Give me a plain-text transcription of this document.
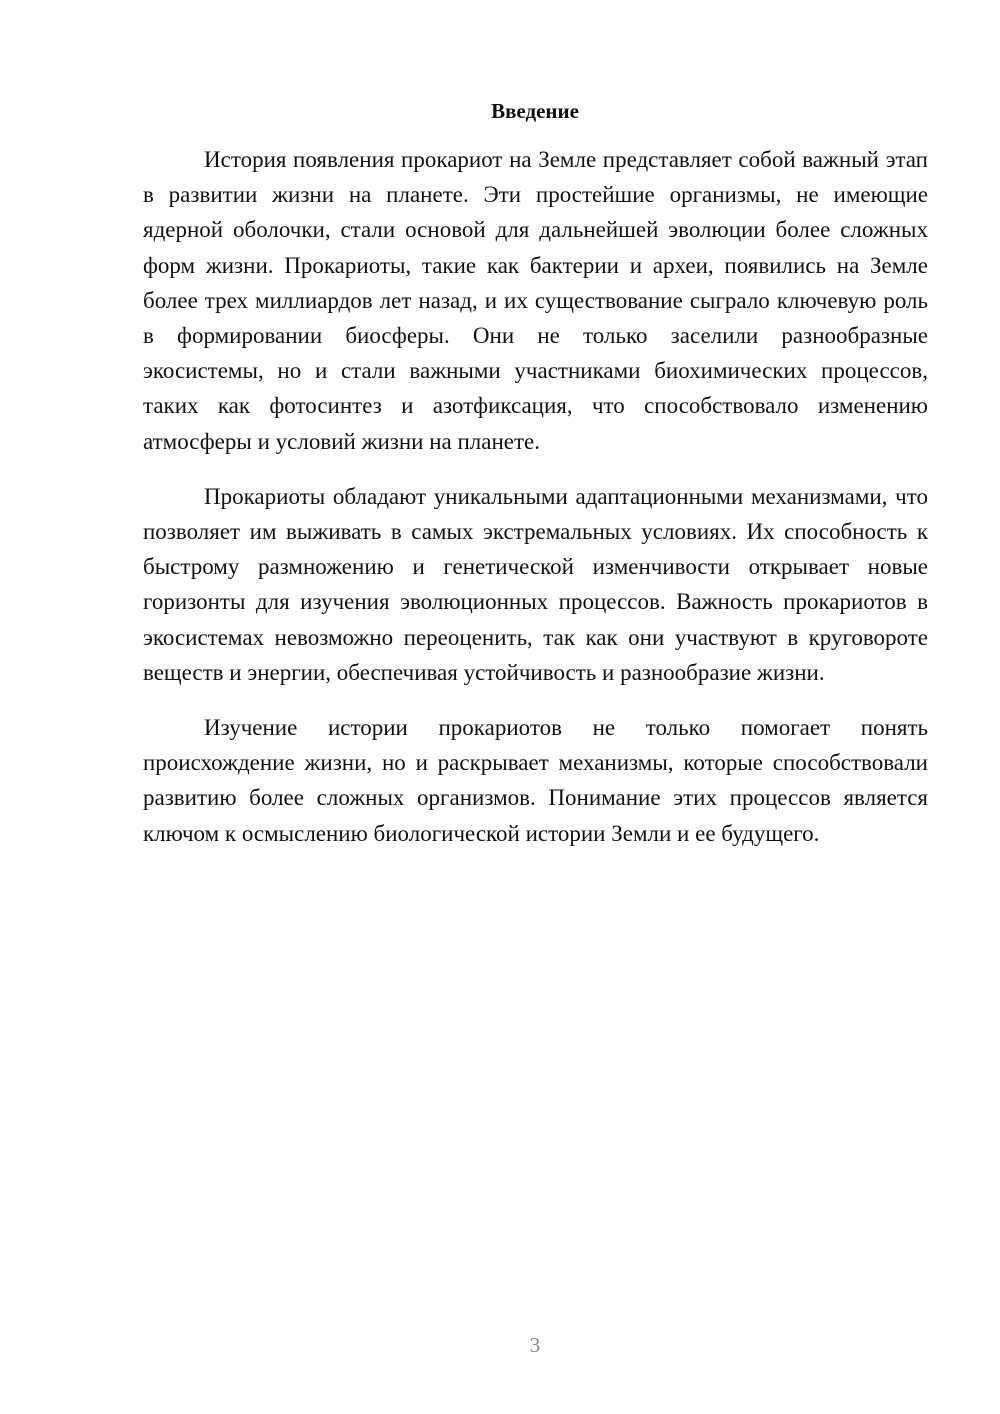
Введение

История появления прокариот на Земле представляет собой важный этап в развитии жизни на планете. Эти простейшие организмы, не имеющие ядерной оболочки, стали основой для дальнейшей эволюции более сложных форм жизни. Прокариоты, такие как бактерии и археи, появились на Земле более трех миллиардов лет назад, и их существование сыграло ключевую роль в формировании биосферы. Они не только заселили разнообразные экосистемы, но и стали важными участниками биохимических процессов, таких как фотосинтез и азотфиксация, что способствовало изменению атмосферы и условий жизни на планете.

Прокариоты обладают уникальными адаптационными механизмами, что позволяет им выживать в самых экстремальных условиях. Их способность к быстрому размножению и генетической изменчивости открывает новые горизонты для изучения эволюционных процессов. Важность прокариотов в экосистемах невозможно переоценить, так как они участвуют в круговороте веществ и энергии, обеспечивая устойчивость и разнообразие жизни.

Изучение истории прокариотов не только помогает понять происхождение жизни, но и раскрывает механизмы, которые способствовали развитию более сложных организмов. Понимание этих процессов является ключом к осмыслению биологической истории Земли и ее будущего.

3
